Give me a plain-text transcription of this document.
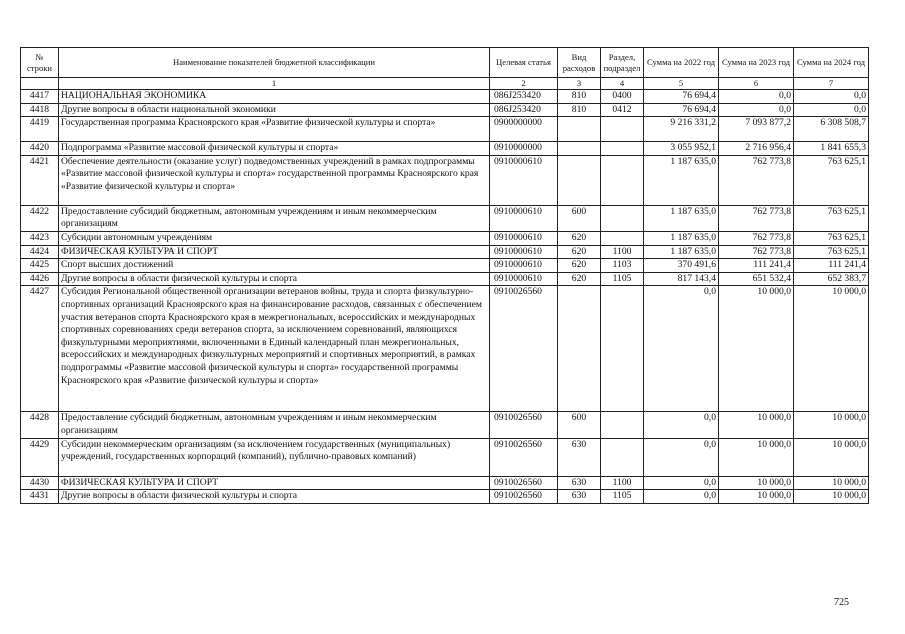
№ строки	Наименование показателей бюджетной классификации	Целевая статья	Вид расходов	Раздел, подраздел	Сумма на 2022 год	Сумма на 2023 год	Сумма на 2024 год
	1	2	3	4	5	6	7
4417	НАЦИОНАЛЬНАЯ ЭКОНОМИКА	086J253420	810	0400	76 694,4	0,0	0,0
4418	Другие вопросы в области национальной экономики	086J253420	810	0412	76 694,4	0,0	0,0
4419	Государственная программа Красноярского края «Развитие физической культуры и спорта»	0900000000			9 216 331,2	7 093 877,2	6 308 508,7
4420	Подпрограмма «Развитие массовой физической культуры и спорта»	0910000000			3 055 952,1	2 716 956,4	1 841 655,3
4421	Обеспечение деятельности (оказание услуг) подведомственных учреждений в рамках подпрограммы «Развитие массовой физической культуры и спорта» государственной программы Красноярского края «Развитие физической культуры и спорта»	0910000610			1 187 635,0	762 773,8	763 625,1
4422	Предоставление субсидий бюджетным, автономным учреждениям и иным некоммерческим организациям	0910000610	600		1 187 635,0	762 773,8	763 625,1
4423	Субсидии автономным учреждениям	0910000610	620		1 187 635,0	762 773,8	763 625,1
4424	ФИЗИЧЕСКАЯ КУЛЬТУРА И СПОРТ	0910000610	620	1100	1 187 635,0	762 773,8	763 625,1
4425	Спорт высших достижений	0910000610	620	1103	370 491,6	111 241,4	111 241,4
4426	Другие вопросы в области физической культуры и спорта	0910000610	620	1105	817 143,4	651 532,4	652 383,7
4427	Субсидия Региональной общественной организации ветеранов войны, труда и спорта физкультурно-спортивных организаций Красноярского края на финансирование расходов, связанных с обеспечением участия ветеранов спорта Красноярского края в межрегиональных, всероссийских и международных спортивных соревнованиях среди ветеранов спорта, за исключением соревнований, являющихся физкультурными мероприятиями, включенными в Единый календарный план межрегиональных, всероссийских и международных физкультурных мероприятий и спортивных мероприятий, в рамках подпрограммы «Развитие массовой физической культуры и спорта» государственной программы Красноярского края «Развитие физической культуры и спорта»	0910026560			0,0	10 000,0	10 000,0
4428	Предоставление субсидий бюджетным, автономным учреждениям и иным некоммерческим организациям	0910026560	600		0,0	10 000,0	10 000,0
4429	Субсидии некоммерческим организациям (за исключением государственных (муниципальных) учреждений, государственных корпораций (компаний), публично-правовых компаний)	0910026560	630		0,0	10 000,0	10 000,0
4430	ФИЗИЧЕСКАЯ КУЛЬТУРА И СПОРТ	0910026560	630	1100	0,0	10 000,0	10 000,0
4431	Другие вопросы в области физической культуры и спорта	0910026560	630	1105	0,0	10 000,0	10 000,0
725
